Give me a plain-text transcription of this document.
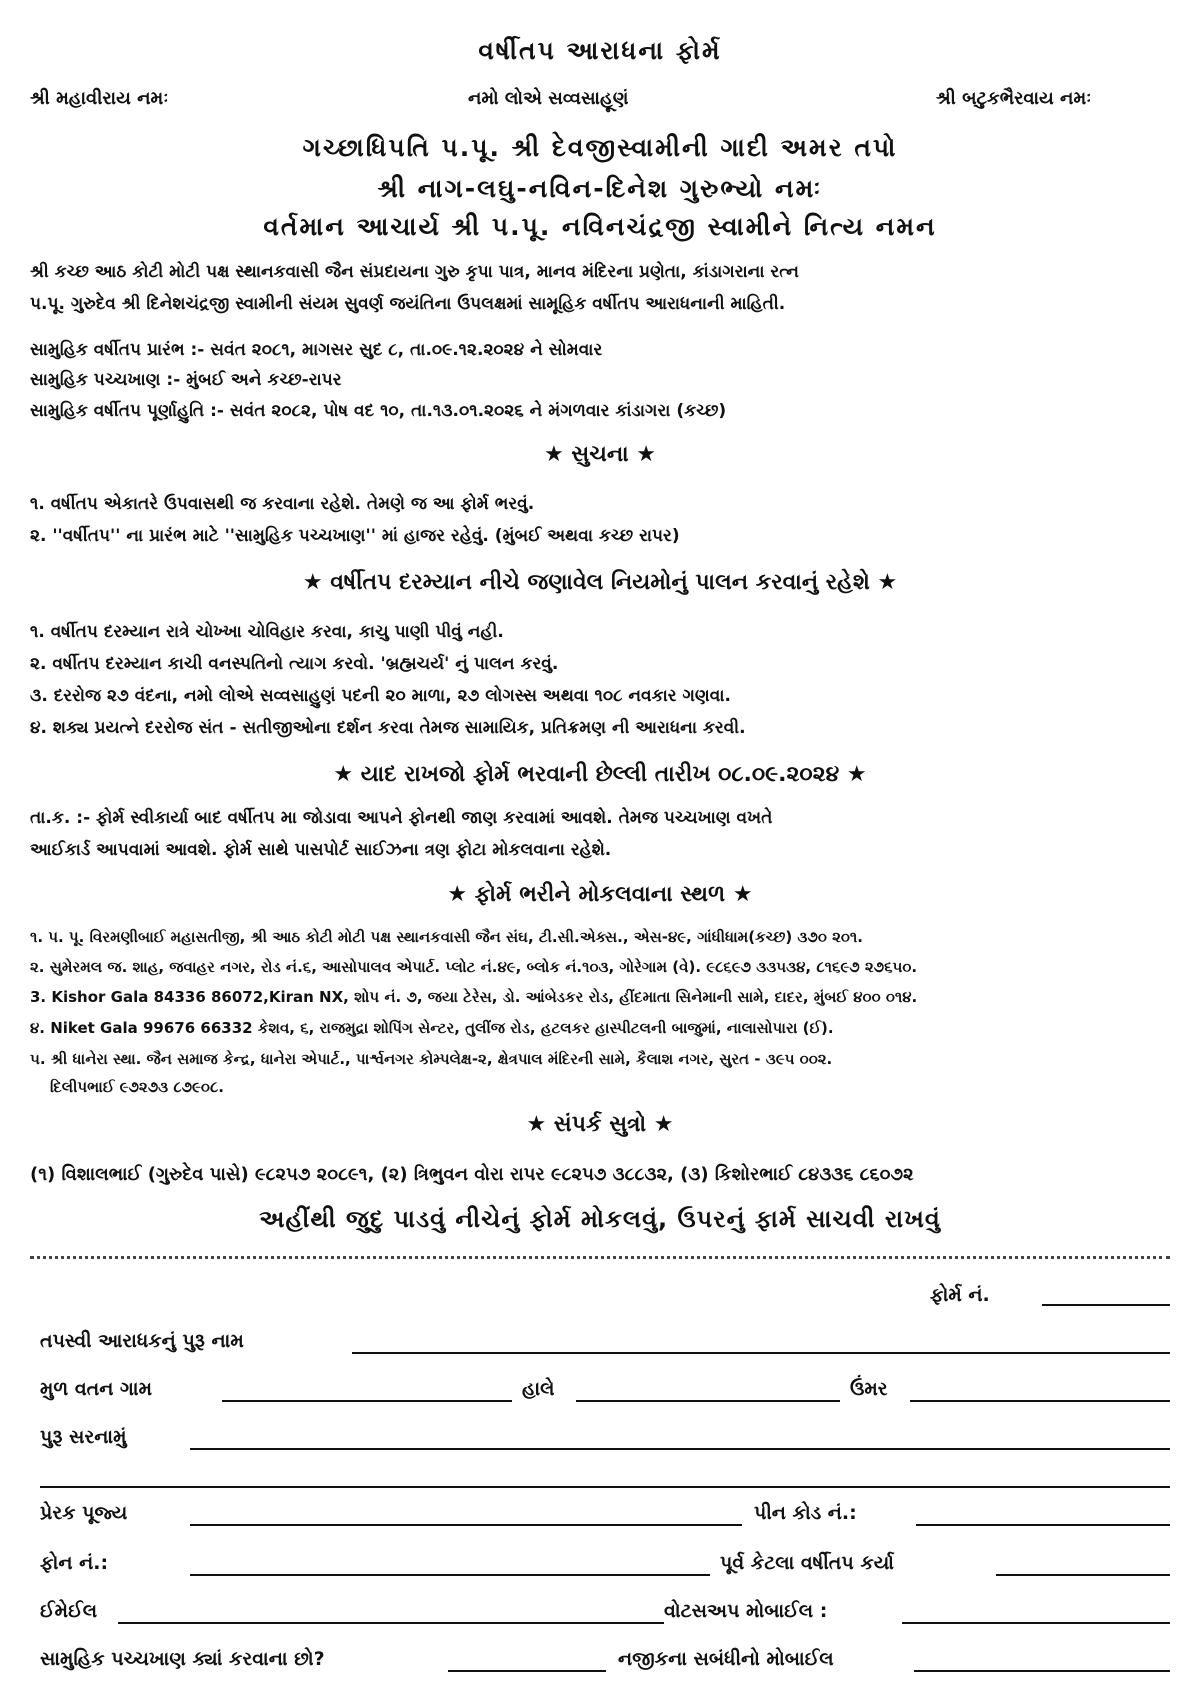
વર્ષીતપ આરાધના ફોર્મ
શ્રી મહાવીરાય નમઃ	નમો લોએ સવ્વસાહૂણં	શ્રી બટુકભૈરવાય નમઃ
ગચ્છાધિપતિ પ.પૂ. શ્રી દેવજીસ્વામીની ગાદી અમર તપો
શ્રી નાગ-લઘુ-નવિન-દિનેશ ગુરુભ્યો નમઃ
વર્તમાન આચાર્ય શ્રી પ.પૂ. નવિનચંદ્રજી સ્વામીને નિત્ય નમન
શ્રી કચ્છ આઠ કોટી મોટી પક્ષ સ્થાનકવાસી જૈન સંપ્રદાયના ગુરુ કૃપા પાત્ર, માનવ મંદિરના પ્રણેતા, કાંડાગરાના રત્ન
પ.પૂ. ગુરુદેવ શ્રી દિનેશચંદ્રજી સ્વામીની સંયમ સુવર્ણ જયંતિના ઉપલક્ષમાં સામૂહિક વર્ષીતપ આરાધનાની માહિતી.
સામુહિક વર્ષીતપ પ્રારંભ :- સવંત ૨૦૮૧, માગસર સુદ ૮, તા.૦૯.૧૨.૨૦૨૪ ને સોમવાર
સામુહિક પચ્ચખાણ :- મુંબઈ અને કચ્છ-રાપર
સામુહિક વર્ષીતપ પૂર્ણાહુતિ :- સવંત ૨૦૮૨, પોષ વદ ૧૦, તા.૧૩.૦૧.૨૦૨૬ ને મંગળવાર કાંડાગરા (કચ્છ)
★ સુચના ★
૧. વર્ષીતપ એકાતરે ઉપવાસથી જ કરવાના રહેશે. તેમણે જ આ ફોર્મ ભરવું.
૨. ''વર્ષીતપ'' ના પ્રારંભ માટે ''સામુહિક પચ્ચખાણ'' માં હાજર રહેવું. (મુંબઈ અથવા કચ્છ રાપર)
★ વર્ષીતપ દરમ્યાન નીચે જણાવેલ નિયમોનું પાલન કરવાનું રહેશે ★
૧. વર્ષીતપ દરમ્યાન રાત્રે ચોખ્ખા ચોવિહાર કરવા, કાચુ પાણી પીવું નહી.
૨. વર્ષીતપ દરમ્યાન કાચી વનસ્પતિનો ત્યાગ કરવો. 'બ્રહ્મચર્ય' નું પાલન કરવું.
૩. દરરોજ ૨૭ વંદના, નમો લોએ સવ્વસાહુણં પદની ૨૦ માળા, ૨૭ લોગસ્સ અથવા ૧૦૮ નવકાર ગણવા.
૪. શક્ય પ્રયત્ને દરરોજ સંત - સતીજીઓના દર્શન કરવા તેમજ સામાયિક, પ્રતિક્રમણ ની આરાધના કરવી.
★ યાદ રાખજો ફોર્મ ભરવાની છેલ્લી તારીખ ૦૮.૦૯.૨૦૨૪ ★
તા.ક. :- ફોર્મ સ્વીકાર્યા બાદ વર્ષીતપ મા જોડાવા આપને ફોનથી જાણ કરવામાં આવશે. તેમજ પચ્ચખાણ વખતે
આઈકાર્ડ આપવામાં આવશે. ફોર્મ સાથે પાસપોર્ટ સાઈઝના ત્રણ ફોટા મોકલવાના રહેશે.
★ ફોર્મ ભરીને મોકલવાના સ્થળ ★
૧. પ. પૂ. વિરમણીબાઈ મહાસતીજી, શ્રી આઠ કોટી મોટી પક્ષ સ્થાનકવાસી જૈન સંઘ, ટી.સી.એક્સ., એસ-૪૯, ગાંધીધામ(કચ્છ) ૩૭૦ ૨૦૧.
૨. સુમેરમલ જ. શાહ, જવાહર નગર, રોડ નં.૬, આસોપાલવ એપાર્ટ. પ્લોટ નં.૪૯, બ્લોક નં.૧૦૩, ગોરેગામ (વે). ૯૮૬૯૭ ૩૩૫૩૪, ૮૧૬૯૭ ૨૭૬૫૦.
3. Kishor Gala 84336 86072,Kiran NX, શોપ નં. ૭, જયા ટેરેસ, ડો. આંબેડકર રોડ, હીંદમાતા સિનેમાની સામે, દાદર, મુંબઈ ૪૦૦ ૦૧૪.
૪. Niket Gala 99676 66332 કેશવ, ૬, રાજમુદ્રા શોપિંગ સેન્ટર, તુલીંજ રોડ, હટલકર હાસ્પીટલની બાજુમાં, નાલાસોપારા (ઈ).
૫. શ્રી ધાનેરા સ્થા. જૈન સમાજ કેન્દ્ર, ધાનેરા એપાર્ટ., પાર્શ્વનગર કોમ્પલેક્ષ-૨, ક્ષેત્રપાલ મંદિરની સામે, કૈલાશ નગર, સુરત - ૩૯૫ ૦૦૨.
દિલીપભાઈ ૯૭૨૭૩ ૮૭૯૦૮.
★ સંપર્ક સુત્રો ★
(૧) વિશાલભાઈ (ગુરુદેવ પાસે) ૯૮૨૫૭ ૨૦૮૯૧, (૨) ત્રિભુવન વોરા રાપર ૯૮૨૫૭ ૩૮૮૩૨, (૩) કિશોરભાઈ ૮૪૩૩૬ ૮૬૦૭૨
અહીંથી જુદુ પાડવું નીચેનું ફોર્મ મોકલવું, ઉપરનું ફાર્મ સાચવી રાખવું
ફોર્મ નં.
તપસ્વી આરાધકનું પુરૂ નામ
મુળ વતન ગામ	હાલે	ઉંમર
પુરૂ સરનામું
પ્રેરક પૂજ્ય	પીન કોડ નં.:
ફોન નં.:	પૂર્વ કેટલા વર્ષીતપ કર્યા
ઈમેઈલ	વોટસઅપ મોબાઈલ :
સામુહિક પચ્ચખાણ ક્યાં કરવાના છો?	નજીકના સબંધીનો મોબાઈલ
